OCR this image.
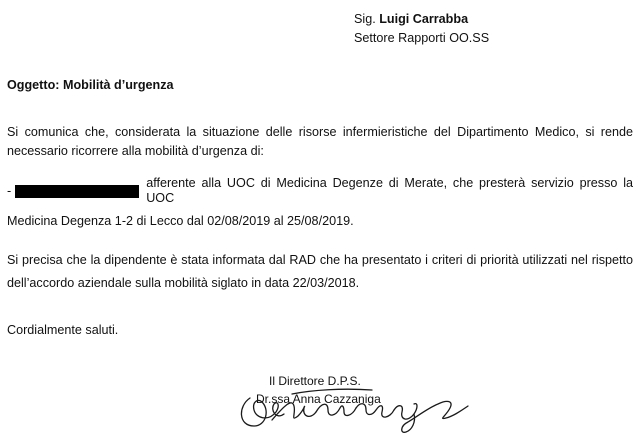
Sig. Luigi Carrabba
Settore Rapporti OO.SS
Oggetto: Mobilità d’urgenza
Si comunica che, considerata la situazione delle risorse infermieristiche del Dipartimento Medico, si rende
necessario ricorrere alla mobilità d’urgenza di:
-
afferente alla UOC di Medicina Degenze di Merate, che presterà servizio presso la UOC
Medicina Degenza 1-2 di Lecco dal 02/08/2019 al 25/08/2019.
Si precisa che la dipendente è stata informata dal RAD che ha presentato i criteri di priorità utilizzati nel rispetto
dell’accordo aziendale sulla mobilità siglato in data 22/03/2018.
Cordialmente saluti.
Il Direttore D.P.S.
Dr.ssa Anna Cazzaniga
